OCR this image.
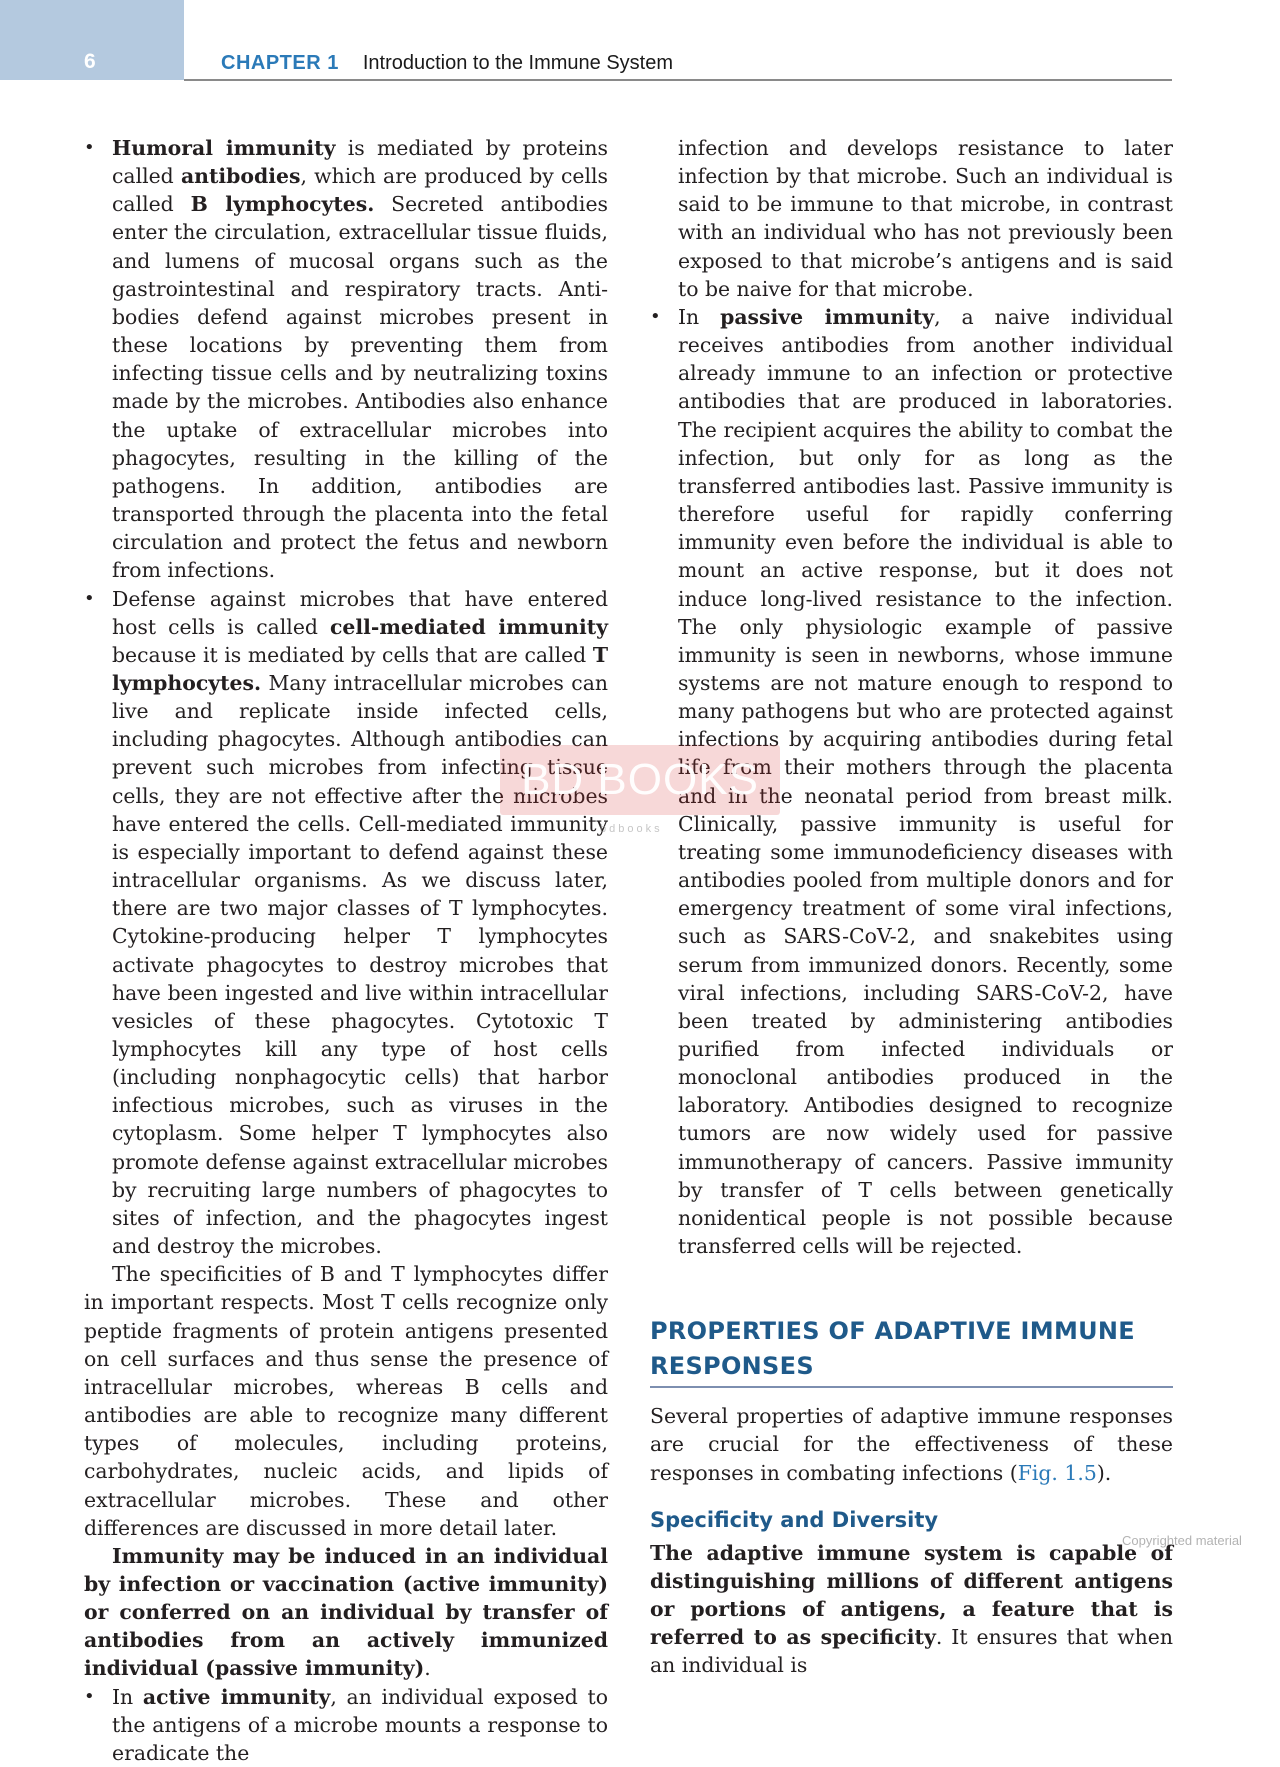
6	CHAPTER 1 Introduction to the Immune System
• Humoral immunity is mediated by proteins called antibodies, which are produced by cells called B lymphocytes. Secreted antibodies enter the circulation, extracellular tissue fluids, and lumens of mucosal organs such as the gastrointestinal and respiratory tracts. Antibodies defend against microbes present in these locations by preventing them from infecting tissue cells and by neutralizing toxins made by the microbes. Antibodies also enhance the uptake of extracellular microbes into phagocytes, resulting in the killing of the pathogens. In addition, antibodies are transported through the placenta into the fetal circulation and protect the fetus and newborn from infections.
• Defense against microbes that have entered host cells is called cell-mediated immunity because it is mediated by cells that are called T lymphocytes. Many intracellular microbes can live and replicate inside infected cells, including phagocytes. Although antibodies can prevent such microbes from infecting tissue cells, they are not effective after the microbes have entered the cells. Cell-mediated immunity is especially important to defend against these intracellular organisms. As we discuss later, there are two major classes of T lymphocytes. Cytokine-producing helper T lymphocytes activate phagocytes to destroy microbes that have been ingested and live within intracellular vesicles of these phagocytes. Cytotoxic T lymphocytes kill any type of host cells (including nonphagocytic cells) that harbor infectious microbes, such as viruses in the cytoplasm. Some helper T lymphocytes also promote defense against extracellular microbes by recruiting large numbers of phagocytes to sites of infection, and the phagocytes ingest and destroy the microbes.

The specificities of B and T lymphocytes differ in important respects. Most T cells recognize only peptide fragments of protein antigens presented on cell surfaces and thus sense the presence of intracellular microbes, whereas B cells and antibodies are able to recognize many different types of molecules, including proteins, carbohydrates, nucleic acids, and lipids of extracellular microbes. These and other differences are discussed in more detail later.

Immunity may be induced in an individual by infection or vaccination (active immunity) or conferred on an individual by transfer of antibodies from an actively immunized individual (passive immunity).

• In active immunity, an individual exposed to the antigens of a microbe mounts a response to eradicate the

infection and develops resistance to later infection by that microbe. Such an individual is said to be immune to that microbe, in contrast with an individual who has not previously been exposed to that microbe’s antigens and is said to be naive for that microbe.

• In passive immunity, a naive individual receives antibodies from another individual already immune to an infection or protective antibodies that are produced in laboratories. The recipient acquires the ability to combat the infection, but only for as long as the transferred antibodies last. Passive immunity is therefore useful for rapidly conferring immunity even before the individual is able to mount an active response, but it does not induce long-lived resistance to the infection. The only physiologic example of passive immunity is seen in newborns, whose immune systems are not mature enough to respond to many pathogens but who are protected against infections by acquiring antibodies during fetal life from their mothers through the placenta and in the neonatal period from breast milk. Clinically, passive immunity is useful for treating some immunodeficiency diseases with antibodies pooled from multiple donors and for emergency treatment of some viral infections, such as SARS-CoV-2, and snakebites using serum from immunized donors. Recently, some viral infections, including SARS-CoV-2, have been treated by administering antibodies purified from infected individuals or monoclonal antibodies produced in the laboratory. Antibodies designed to recognize tumors are now widely used for passive immunotherapy of cancers. Passive immunity by transfer of T cells between genetically nonidentical people is not possible because transferred cells will be rejected.
PROPERTIES OF ADAPTIVE IMMUNE RESPONSES

Several properties of adaptive immune responses are crucial for the effectiveness of these responses in combating infections (Fig. 1.5).

Specificity and Diversity

The adaptive immune system is capable of distinguishing millions of different antigens or portions of antigens, a feature that is referred to as specificity. It ensures that when an individual is

BD BOOKS
bdbooks
Copyrighted material
